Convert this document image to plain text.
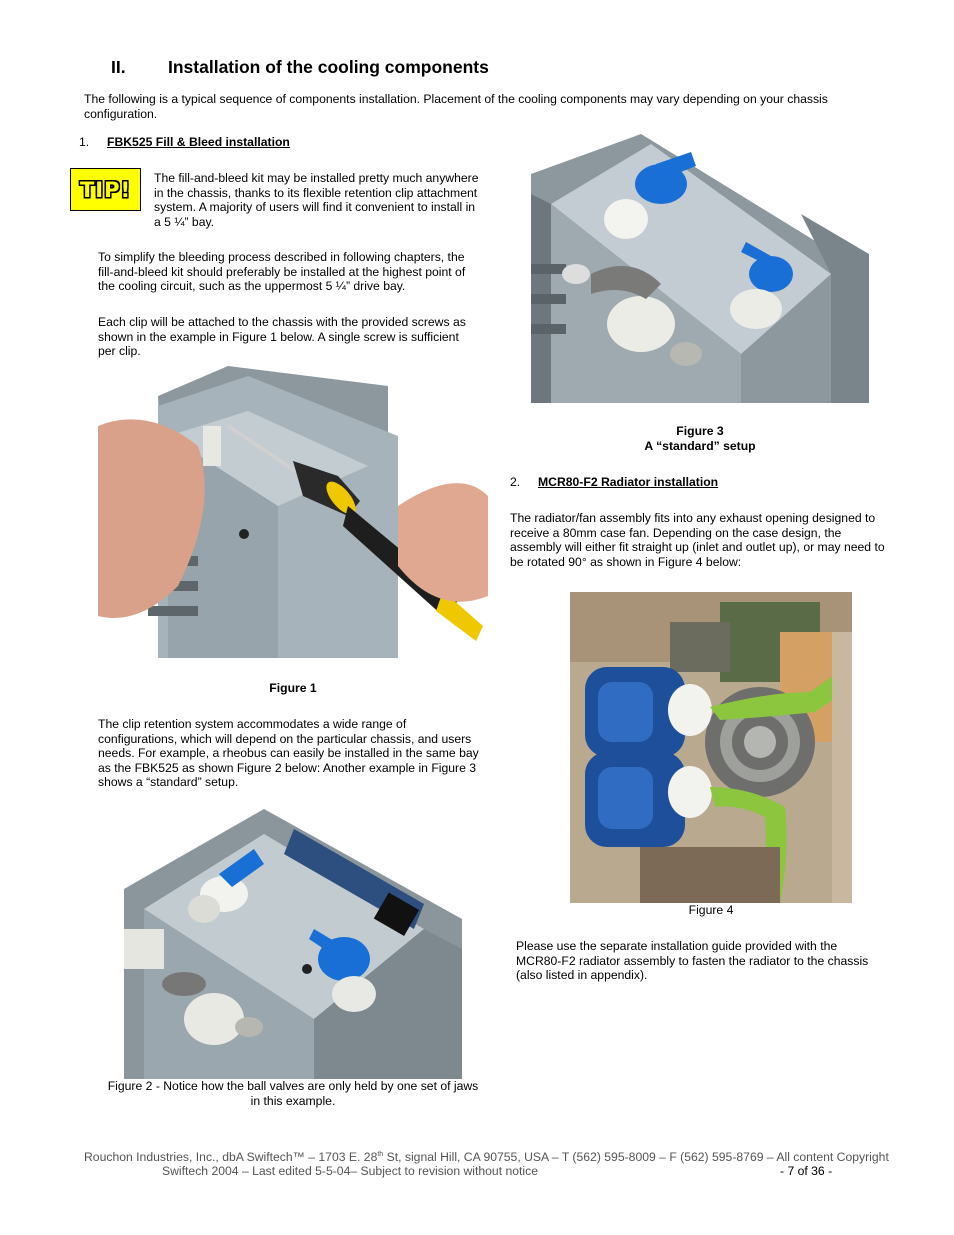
II. Installation of the cooling components

The following is a typical sequence of components installation. Placement of the cooling components may vary depending on your chassis

configuration.

1. FBK525 Fill & Bleed installation
TIP! The fill-and-bleed kit may be installed pretty much anywhere

in the chassis, thanks to its flexible retention clip attachment

system. A majority of users will find it convenient to install in

a 5 ¼” bay.

To simplify the bleeding process described in following chapters, the

fill-and-bleed kit should preferably be installed at the highest point of

the cooling circuit, such as the uppermost 5 ¼” drive bay.

Each clip will be attached to the chassis with the provided screws as

shown in the example in Figure 1 below. A single screw is sufficient

per clip.

Figure 1

The clip retention system accommodates a wide range of

configurations, which will depend on the particular chassis, and users

needs. For example, a rheobus can easily be installed in the same bay

as the FBK525 as shown Figure 2 below: Another example in Figure 3

shows a “standard” setup.

Figure 2 - Notice how the ball valves are only held by one set of jaws

in this example.

Figure 3

A “standard” setup

2. MCR80-F2 Radiator installation

The radiator/fan assembly fits into any exhaust opening designed to

receive a 80mm case fan. Depending on the case design, the

assembly will either fit straight up (inlet and outlet up), or may need to

be rotated 90° as shown in Figure 4 below:

Figure 4

Please use the separate installation guide provided with the

MCR80-F2 radiator assembly to fasten the radiator to the chassis

(also listed in appendix).

Rouchon Industries, Inc., dbA Swiftech™ – 1703 E. 28th St, signal Hill, CA 90755, USA – T (562) 595-8009 – F (562) 595-8769 – All content Copyright
Swiftech 2004 – Last edited 5-5-04– Subject to revision without notice	- 7 of 36 -
